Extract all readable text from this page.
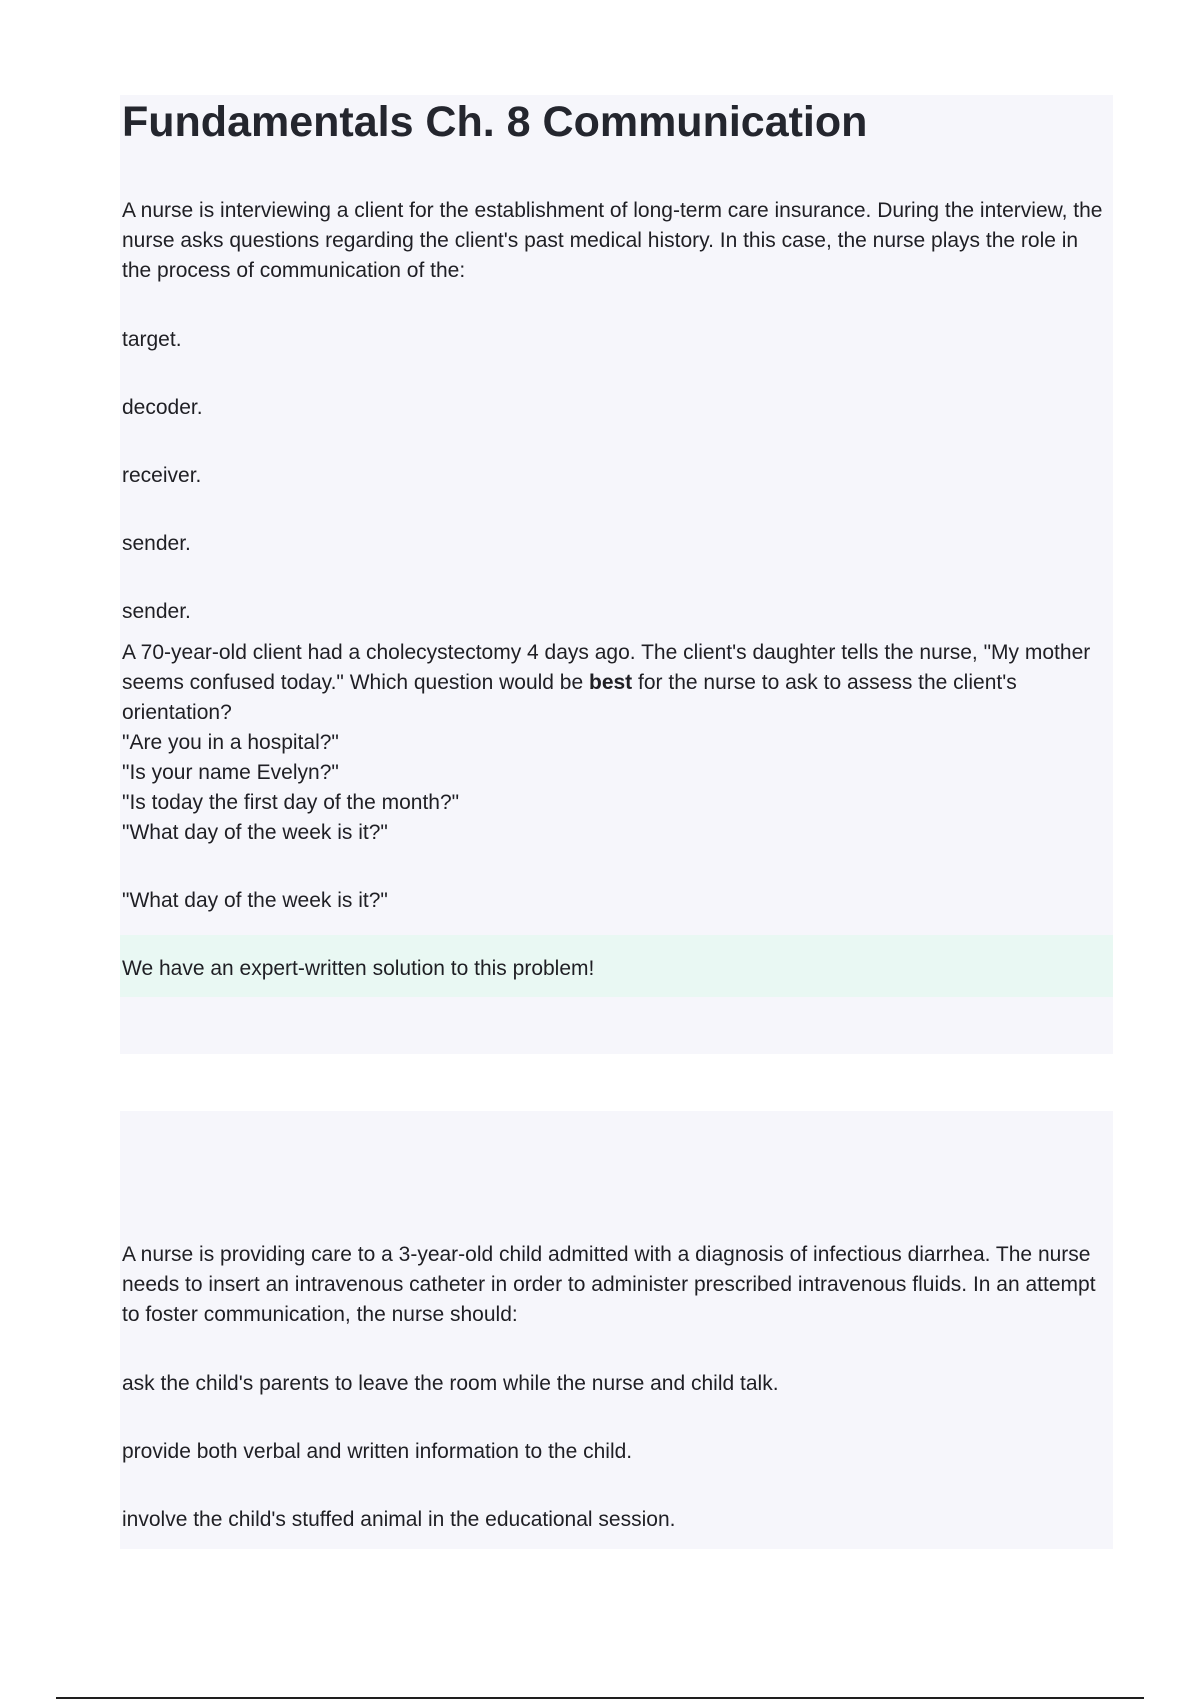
Fundamentals Ch. 8 Communication

A nurse is interviewing a client for the establishment of long-term care insurance. During the interview, the nurse asks questions regarding the client's past medical history. In this case, the nurse plays the role in the process of communication of the:

target.

decoder.

receiver.

sender.

sender.

A 70-year-old client had a cholecystectomy 4 days ago. The client's daughter tells the nurse, "My mother seems confused today." Which question would be best for the nurse to ask to assess the client's orientation?

"Are you in a hospital?"

"Is your name Evelyn?"

"Is today the first day of the month?"

"What day of the week is it?"

"What day of the week is it?"

We have an expert-written solution to this problem!

A nurse is providing care to a 3-year-old child admitted with a diagnosis of infectious diarrhea. The nurse needs to insert an intravenous catheter in order to administer prescribed intravenous fluids. In an attempt to foster communication, the nurse should:

ask the child's parents to leave the room while the nurse and child talk.

provide both verbal and written information to the child.

involve the child's stuffed animal in the educational session.
